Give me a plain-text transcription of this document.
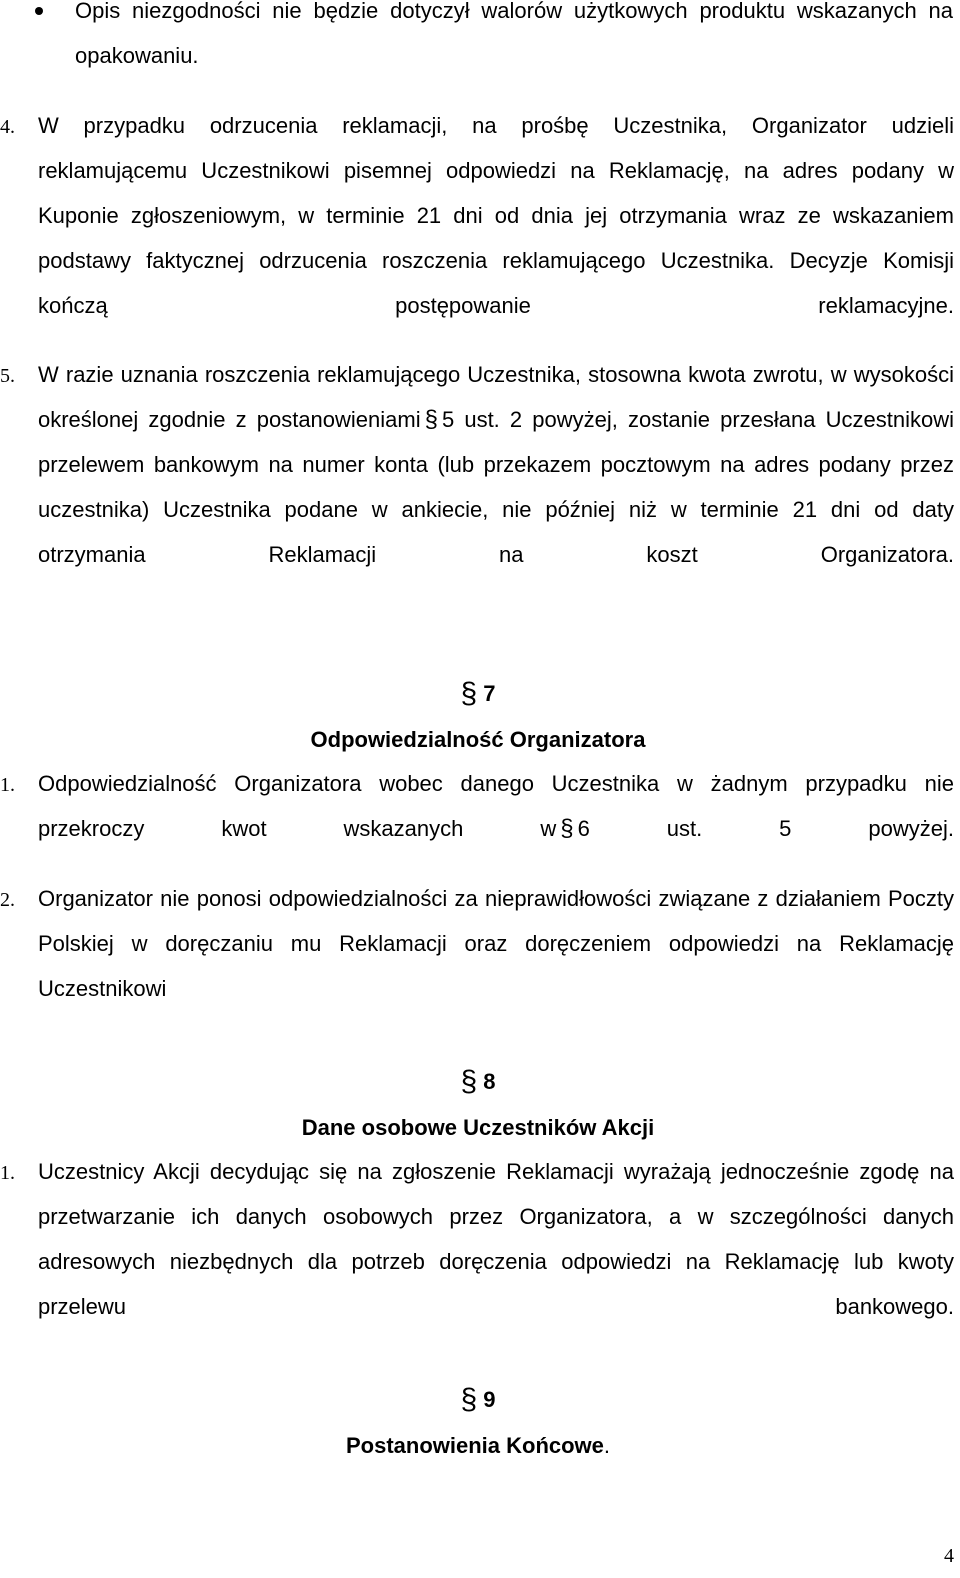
Opis niezgodności nie będzie dotyczył walorów użytkowych produktu wskazanych na opakowaniu.
4. W przypadku odrzucenia reklamacji, na prośbę Uczestnika, Organizator udzieli reklamującemu Uczestnikowi pisemnej odpowiedzi na Reklamację, na adres podany w Kuponie zgłoszeniowym, w terminie 21 dni od dnia jej otrzymania wraz ze wskazaniem podstawy faktycznej odrzucenia roszczenia reklamującego Uczestnika. Decyzje Komisji kończą postępowanie reklamacyjne.
5. W razie uznania roszczenia reklamującego Uczestnika, stosowna kwota zwrotu, w wysokości określonej zgodnie z postanowieniami § 5 ust. 2 powyżej, zostanie przesłana Uczestnikowi przelewem bankowym na numer konta (lub przekazem pocztowym na adres podany przez uczestnika) Uczestnika podane w ankiecie, nie później niż w terminie 21 dni od daty otrzymania Reklamacji na koszt Organizatora.
§ 7
Odpowiedzialność Organizatora
1. Odpowiedzialność Organizatora wobec danego Uczestnika w żadnym przypadku nie przekroczy kwot wskazanych w § 6 ust. 5 powyżej.
2. Organizator nie ponosi odpowiedzialności za nieprawidłowości związane z działaniem Poczty Polskiej w doręczaniu mu Reklamacji oraz doręczeniem odpowiedzi na Reklamację Uczestnikowi
§ 8
Dane osobowe Uczestników Akcji
1. Uczestnicy Akcji decydując się na zgłoszenie Reklamacji wyrażają jednocześnie zgodę na przetwarzanie ich danych osobowych przez Organizatora, a w szczególności danych adresowych niezbędnych dla potrzeb doręczenia odpowiedzi na Reklamację lub kwoty przelewu bankowego.
§ 9
Postanowienia Końcowe.
4
